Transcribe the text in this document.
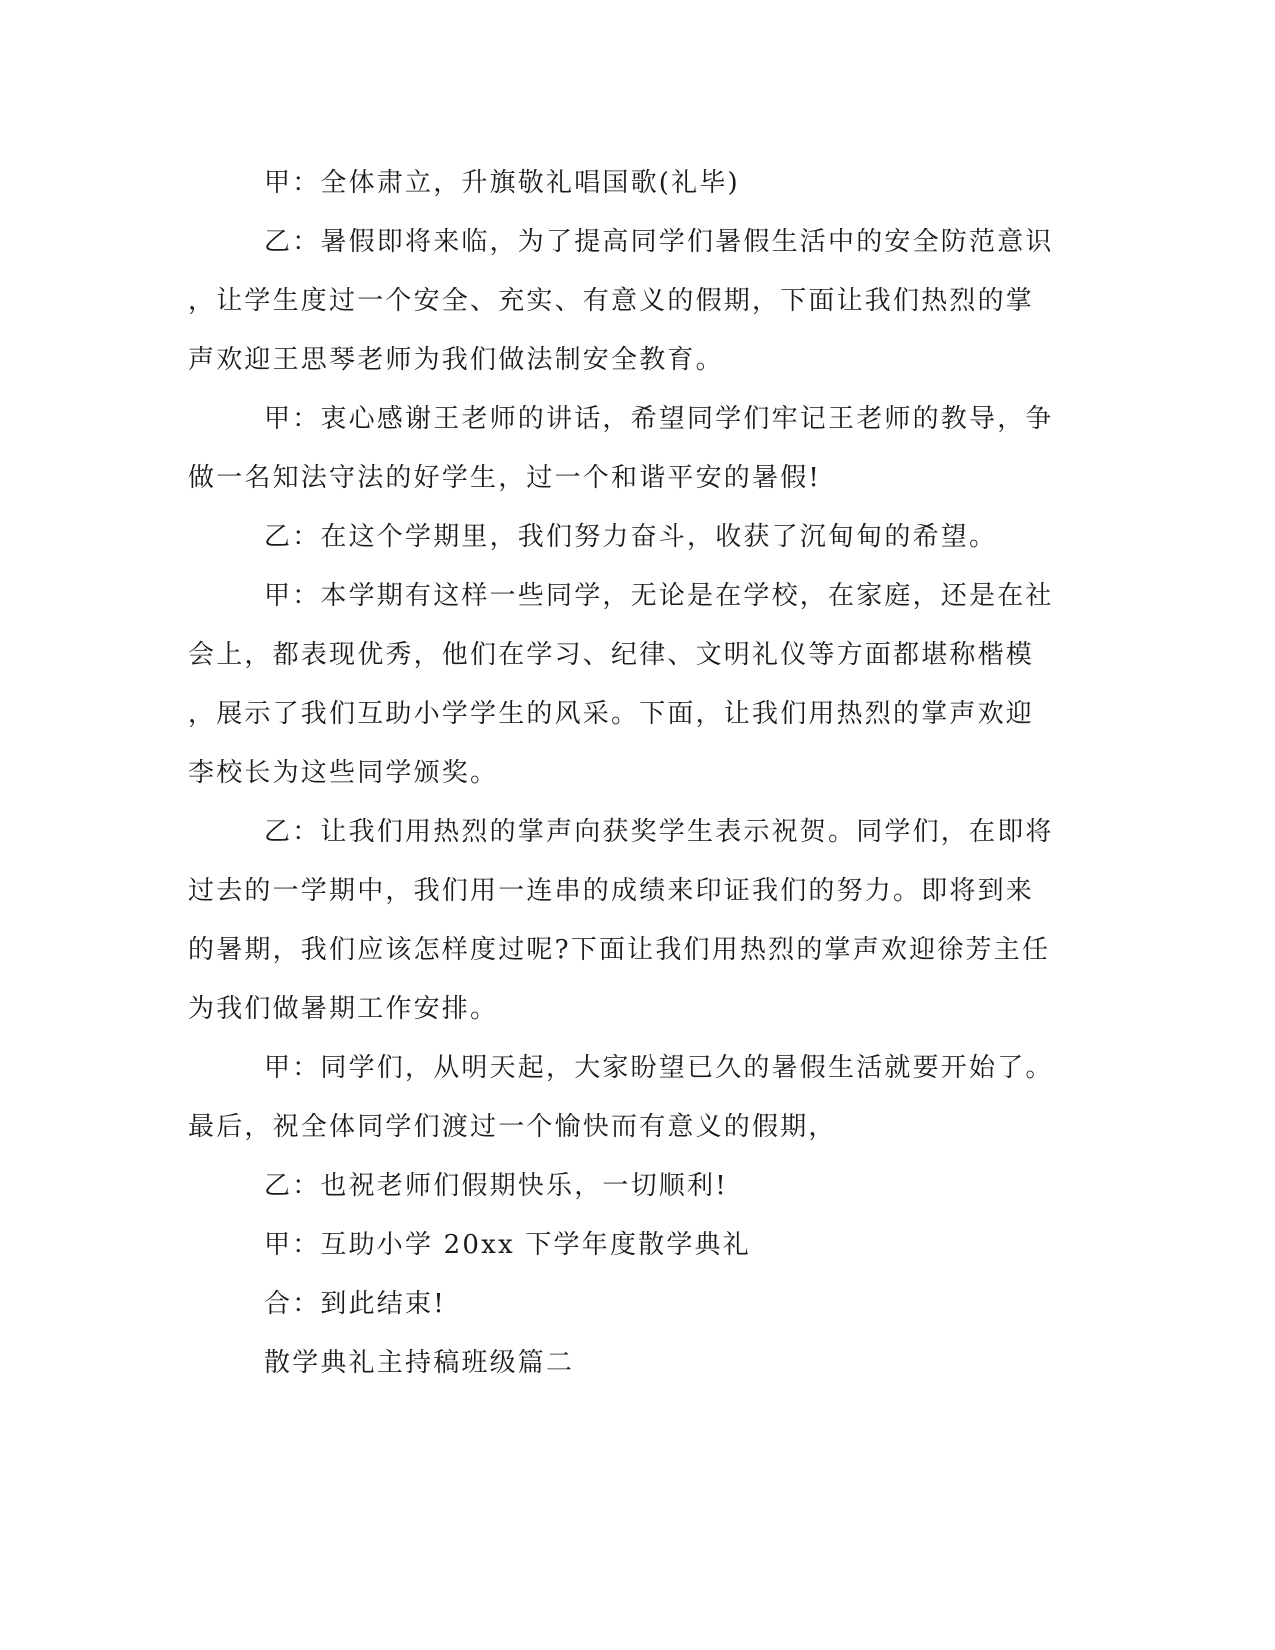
甲：全体肃立，升旗敬礼唱国歌(礼毕)
乙：暑假即将来临，为了提高同学们暑假生活中的安全防范意识
，让学生度过一个安全、充实、有意义的假期，下面让我们热烈的掌
声欢迎王思琴老师为我们做法制安全教育。
甲：衷心感谢王老师的讲话，希望同学们牢记王老师的教导，争
做一名知法守法的好学生，过一个和谐平安的暑假!
乙：在这个学期里，我们努力奋斗，收获了沉甸甸的希望。
甲：本学期有这样一些同学，无论是在学校，在家庭，还是在社
会上，都表现优秀，他们在学习、纪律、文明礼仪等方面都堪称楷模
，展示了我们互助小学学生的风采。下面，让我们用热烈的掌声欢迎
李校长为这些同学颁奖。
乙：让我们用热烈的掌声向获奖学生表示祝贺。同学们，在即将
过去的一学期中，我们用一连串的成绩来印证我们的努力。即将到来
的暑期，我们应该怎样度过呢?下面让我们用热烈的掌声欢迎徐芳主任
为我们做暑期工作安排。
甲：同学们，从明天起，大家盼望已久的暑假生活就要开始了。
最后，祝全体同学们渡过一个愉快而有意义的假期，
乙：也祝老师们假期快乐，一切顺利!
甲：互助小学 20xx 下学年度散学典礼
合：到此结束!
散学典礼主持稿班级篇二
